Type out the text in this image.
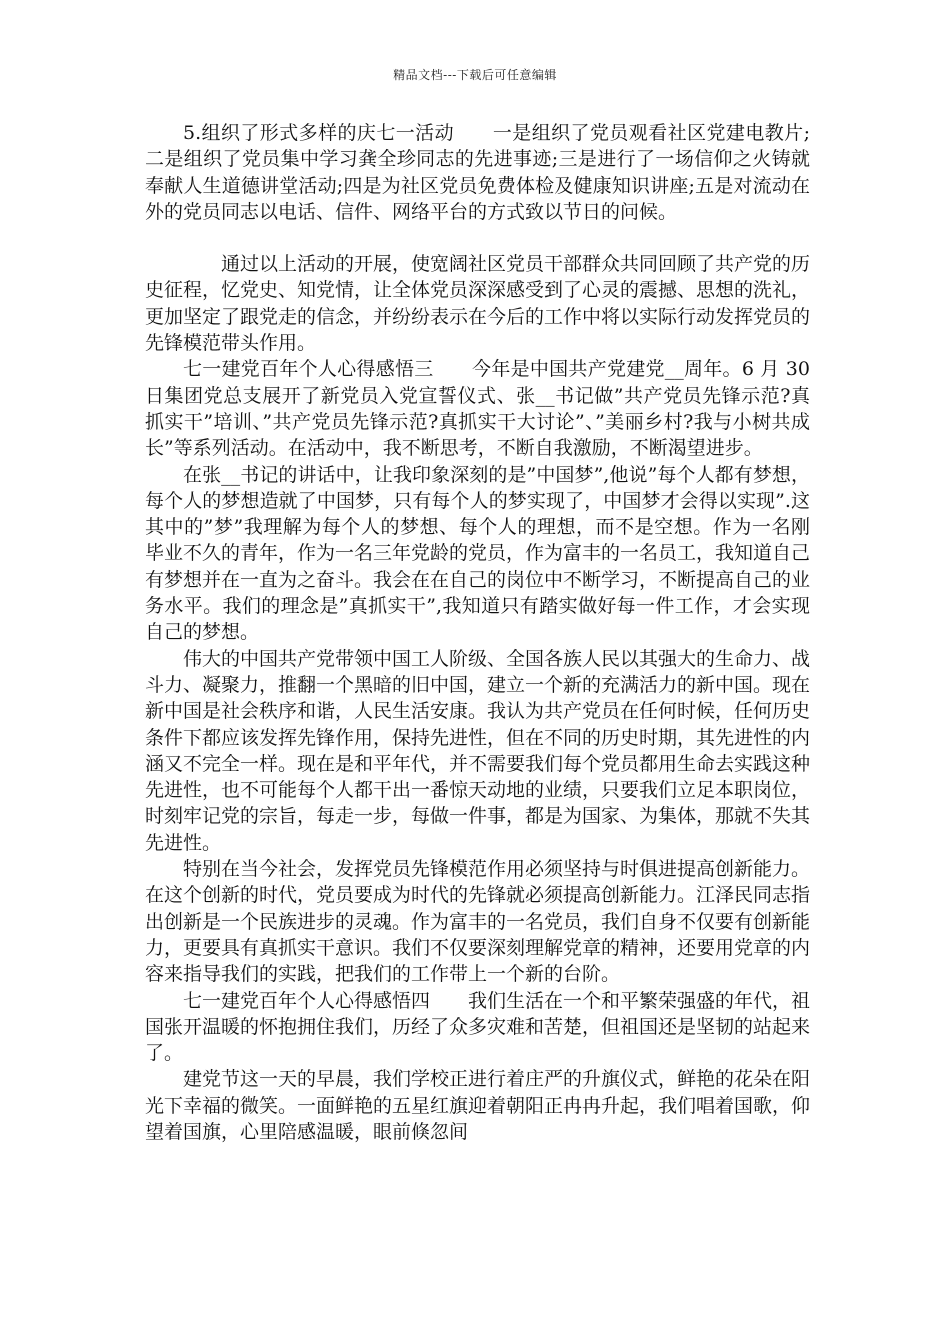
精品文档---下载后可任意编辑

5.组织了形式多样的庆七一活动　　一是组织了党员观看社区党建电教片;二是组织了党员集中学习龚全珍同志的先进事迹;三是进行了一场信仰之火铸就奉献人生道德讲堂活动;四是为社区党员免费体检及健康知识讲座;五是对流动在外的党员同志以电话、信件、网络平台的方式致以节日的问候。

通过以上活动的开展，使宽阔社区党员干部群众共同回顾了共产党的历史征程，忆党史、知党情，让全体党员深深感受到了心灵的震撼、思想的洗礼，更加坚定了跟党走的信念，并纷纷表示在今后的工作中将以实际行动发挥党员的先锋模范带头作用。

七一建党百年个人心得感悟三　　今年是中国共产党建党__周年。6 月 30 日集团党总支展开了新党员入党宣誓仪式、张__书记做”共产党员先锋示范?真抓实干”培训、”共产党员先锋示范?真抓实干大讨论”、”美丽乡村?我与小树共成长”等系列活动。在活动中，我不断思考，不断自我激励，不断渴望进步。

在张__书记的讲话中，让我印象深刻的是”中国梦”,他说”每个人都有梦想，每个人的梦想造就了中国梦，只有每个人的梦实现了，中国梦才会得以实现”.这其中的”梦”我理解为每个人的梦想、每个人的理想，而不是空想。作为一名刚毕业不久的青年，作为一名三年党龄的党员，作为富丰的一名员工，我知道自己有梦想并在一直为之奋斗。我会在在自己的岗位中不断学习，不断提高自己的业务水平。我们的理念是”真抓实干”,我知道只有踏实做好每一件工作，才会实现自己的梦想。

伟大的中国共产党带领中国工人阶级、全国各族人民以其强大的生命力、战斗力、凝聚力，推翻一个黑暗的旧中国，建立一个新的充满活力的新中国。现在新中国是社会秩序和谐，人民生活安康。我认为共产党员在任何时候，任何历史条件下都应该发挥先锋作用，保持先进性，但在不同的历史时期，其先进性的内涵又不完全一样。现在是和平年代，并不需要我们每个党员都用生命去实践这种先进性，也不可能每个人都干出一番惊天动地的业绩，只要我们立足本职岗位，时刻牢记党的宗旨，每走一步，每做一件事，都是为国家、为集体，那就不失其先进性。

特别在当今社会，发挥党员先锋模范作用必须坚持与时俱进提高创新能力。在这个创新的时代，党员要成为时代的先锋就必须提高创新能力。江泽民同志指出创新是一个民族进步的灵魂。作为富丰的一名党员，我们自身不仅要有创新能力，更要具有真抓实干意识。我们不仅要深刻理解党章的精神，还要用党章的内容来指导我们的实践，把我们的工作带上一个新的台阶。

七一建党百年个人心得感悟四　　我们生活在一个和平繁荣强盛的年代，祖国张开温暖的怀抱拥住我们，历经了众多灾难和苦楚，但祖国还是坚韧的站起来了。

建党节这一天的早晨，我们学校正进行着庄严的升旗仪式，鲜艳的花朵在阳光下幸福的微笑。一面鲜艳的五星红旗迎着朝阳正冉冉升起，我们唱着国歌，仰望着国旗，心里陪感温暖，眼前倏忽间
